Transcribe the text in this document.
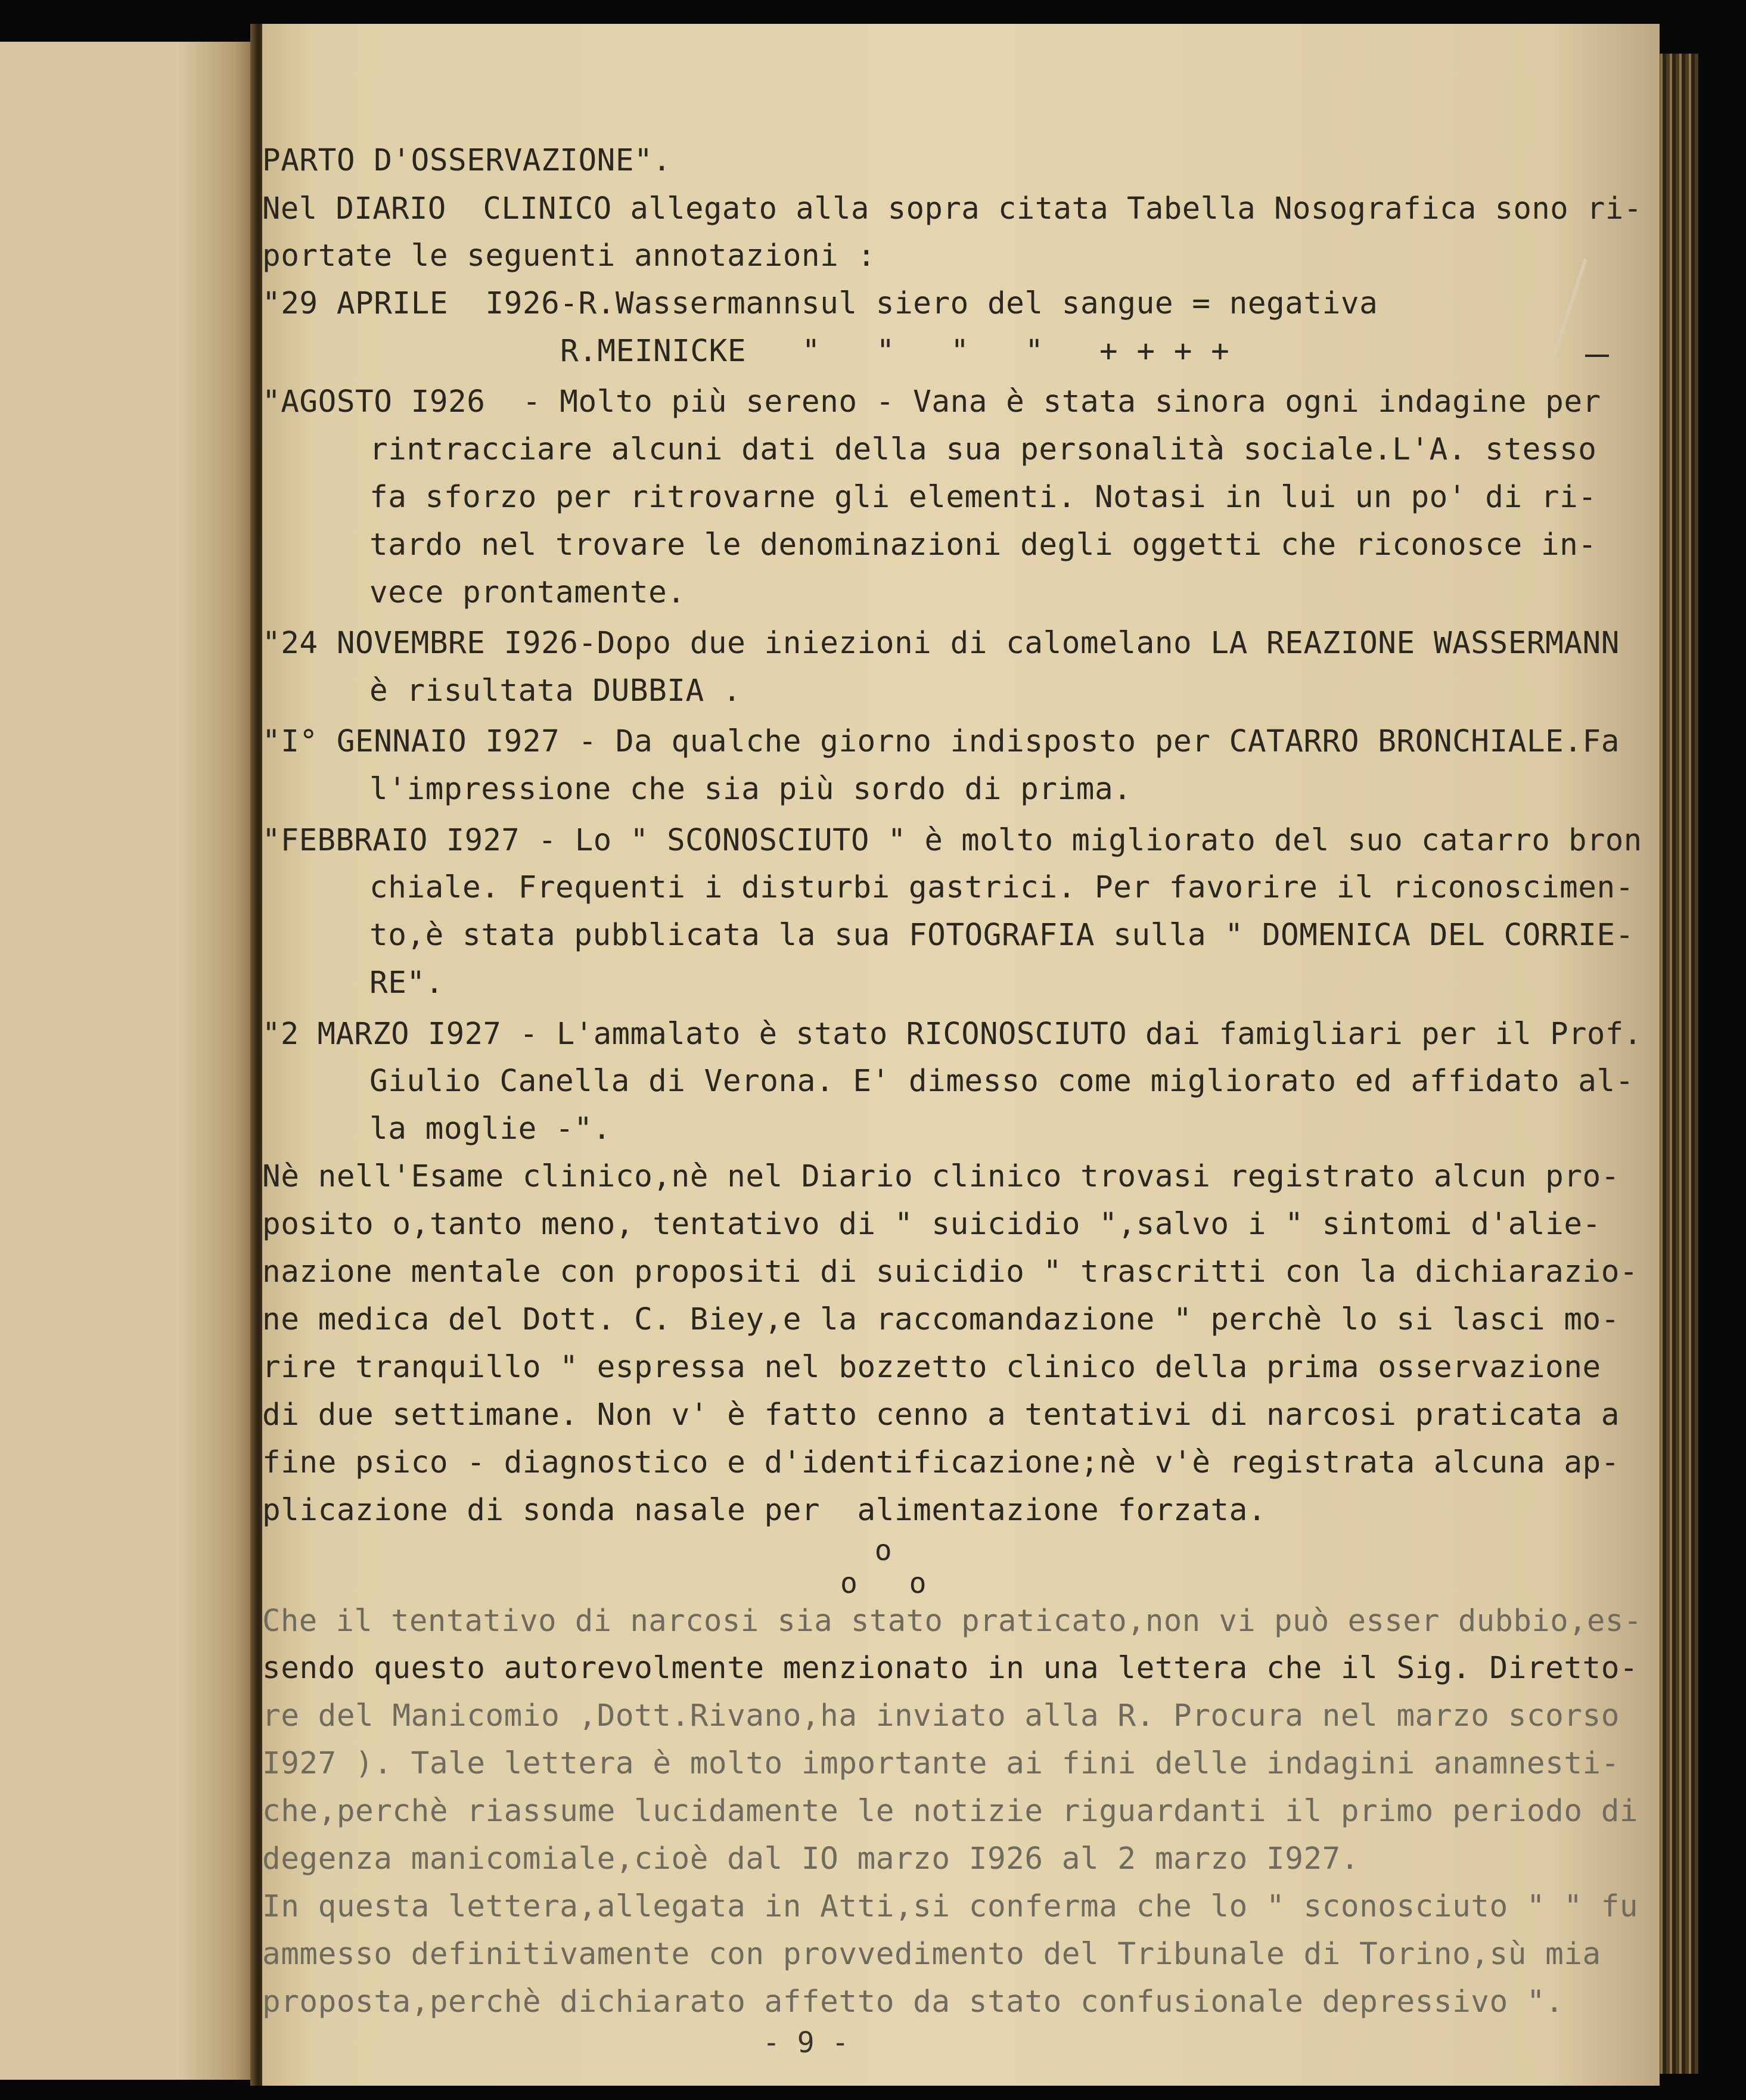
PARTO D'OSSERVAZIONE".
Nel DIARIO  CLINICO allegato alla sopra citata Tabella Nosografica sono ri-
portate le seguenti annotazioni :
"29 APRILE  I926-R.Wassermannsul siero del sangue = negativa
R.MEINICKE   "   "   "   "   + + + +
"AGOSTO I926  - Molto più sereno - Vana è stata sinora ogni indagine per
rintracciare alcuni dati della sua personalità sociale.L'A. stesso
fa sforzo per ritrovarne gli elementi. Notasi in lui un po' di ri-
tardo nel trovare le denominazioni degli oggetti che riconosce in-
vece prontamente.
"24 NOVEMBRE I926-Dopo due iniezioni di calomelano LA REAZIONE WASSERMANN
è risultata DUBBIA .
"I° GENNAIO I927 - Da qualche giorno indisposto per CATARRO BRONCHIALE.Fa
l'impressione che sia più sordo di prima.
"FEBBRAIO I927 - Lo " SCONOSCIUTO " è molto migliorato del suo catarro bron
chiale. Frequenti i disturbi gastrici. Per favorire il riconoscimen-
to,è stata pubblicata la sua FOTOGRAFIA sulla " DOMENICA DEL CORRIE-
RE".
"2 MARZO I927 - L'ammalato è stato RICONOSCIUTO dai famigliari per il Prof.
Giulio Canella di Verona. E' dimesso come migliorato ed affidato al-
la moglie -".
Nè nell'Esame clinico,nè nel Diario clinico trovasi registrato alcun pro-
posito o,tanto meno, tentativo di " suicidio ",salvo i " sintomi d'alie-
nazione mentale con propositi di suicidio " trascritti con la dichiarazio-
ne medica del Dott. C. Biey,e la raccomandazione " perchè lo si lasci mo-
rire tranquillo " espressa nel bozzetto clinico della prima osservazione
di due settimane. Non v' è fatto cenno a tentativi di narcosi praticata a
fine psico - diagnostico e d'identificazione;nè v'è registrata alcuna ap-
plicazione di sonda nasale per  alimentazione forzata.
o
o   o
Che il tentativo di narcosi sia stato praticato,non vi può esser dubbio,es-
sendo questo autorevolmente menzionato in una lettera che il Sig. Diretto-
re del Manicomio ,Dott.Rivano,ha inviato alla R. Procura nel marzo scorso
I927 ). Tale lettera è molto importante ai fini delle indagini anamnesti-
che,perchè riassume lucidamente le notizie riguardanti il primo periodo di
degenza manicomiale,cioè dal IO marzo I926 al 2 marzo I927.
In questa lettera,allegata in Atti,si conferma che lo " sconosciuto " " fu
ammesso definitivamente con provvedimento del Tribunale di Torino,sù mia
proposta,perchè dichiarato affetto da stato confusionale depressivo ".
- 9 -
